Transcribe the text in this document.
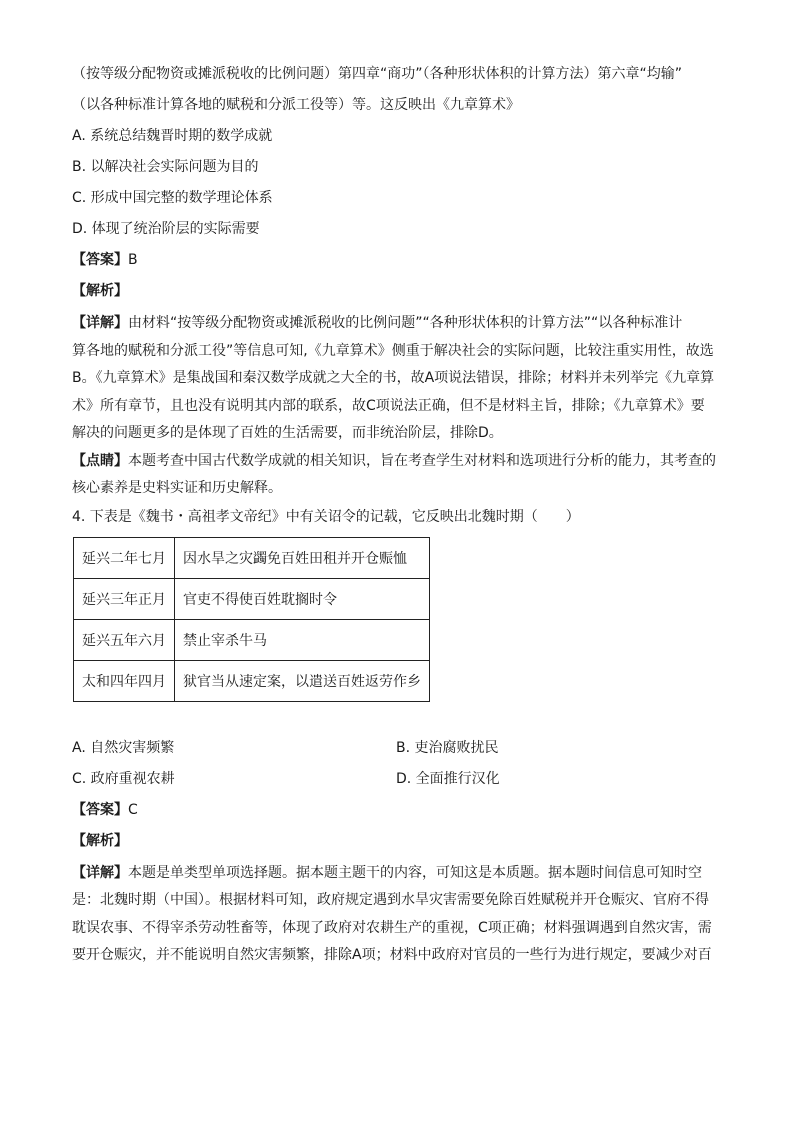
（按等级分配物资或摊派税收的比例问题）第四章“商功”（各种形状体积的计算方法）第六章“均输”

（以各种标准计算各地的赋税和分派工役等）等。这反映出《九章算术》

A. 系统总结魏晋时期的数学成就

B. 以解决社会实际问题为目的

C. 形成中国完整的数学理论体系

D. 体现了统治阶层的实际需要

【答案】B

【解析】

【详解】由材料“按等级分配物资或摊派税收的比例问题”“各种形状体积的计算方法”“以各种标准计

算各地的赋税和分派工役”等信息可知,《九章算术》侧重于解决社会的实际问题，比较注重实用性，故选

B。《九章算术》是集战国和秦汉数学成就之大全的书，故A项说法错误，排除；材料并未列举完《九章算

术》所有章节，且也没有说明其内部的联系，故C项说法正确，但不是材料主旨，排除；《九章算术》要

解决的问题更多的是体现了百姓的生活需要，而非统治阶层，排除D。

【点睛】本题考查中国古代数学成就的相关知识，旨在考查学生对材料和选项进行分析的能力，其考查的

核心素养是史料实证和历史解释。

4. 下表是《魏书・高祖孝文帝纪》中有关诏令的记载，它反映出北魏时期（　　）

延兴二年七月	因水旱之灾蠲免百姓田租并开仓赈恤
延兴三年正月	官吏不得使百姓耽搁时令
延兴五年六月	禁止宰杀牛马
太和四年四月	狱官当从速定案，以遣送百姓返劳作乡
A. 自然灾害频繁	B. 吏治腐败扰民
C. 政府重视农耕	D. 全面推行汉化

【答案】C

【解析】

【详解】本题是单类型单项选择题。据本题主题干的内容，可知这是本质题。据本题时间信息可知时空

是：北魏时期（中国）。根据材料可知，政府规定遇到水旱灾害需要免除百姓赋税并开仓赈灾、官府不得

耽误农事、不得宰杀劳动牲畜等，体现了政府对农耕生产的重视，C项正确；材料强调遇到自然灾害，需

要开仓赈灾，并不能说明自然灾害频繁，排除A项；材料中政府对官员的一些行为进行规定，要减少对百
